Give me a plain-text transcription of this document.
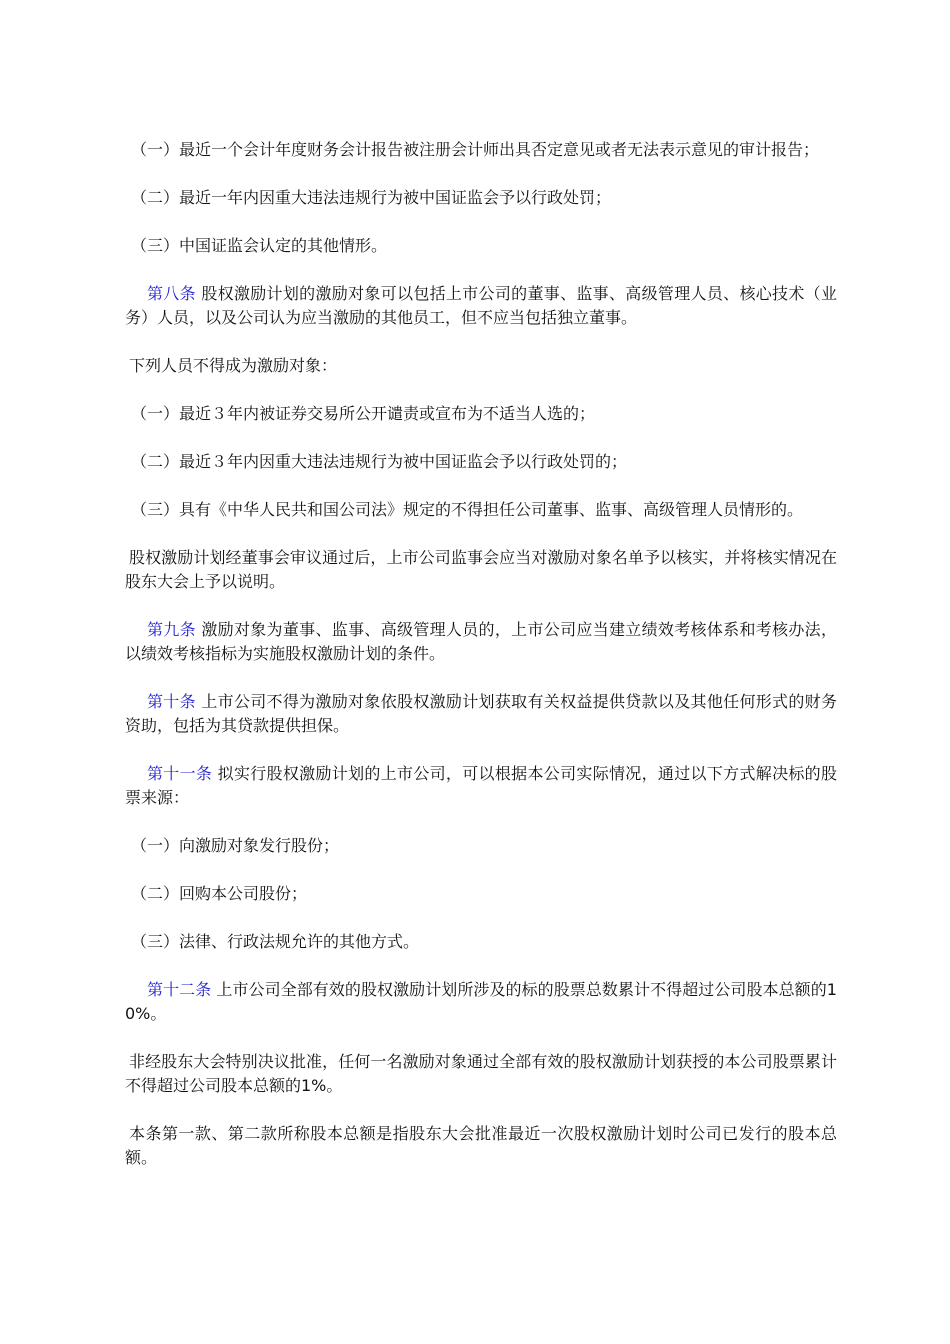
（一）最近一个会计年度财务会计报告被注册会计师出具否定意见或者无法表示意见的审计报告；

（二）最近一年内因重大违法违规行为被中国证监会予以行政处罚；

（三）中国证监会认定的其他情形。

第八条 股权激励计划的激励对象可以包括上市公司的董事、监事、高级管理人员、核心技术（业务）人员，以及公司认为应当激励的其他员工，但不应当包括独立董事。

下列人员不得成为激励对象：

（一）最近３年内被证券交易所公开谴责或宣布为不适当人选的；

（二）最近３年内因重大违法违规行为被中国证监会予以行政处罚的；

（三）具有《中华人民共和国公司法》规定的不得担任公司董事、监事、高级管理人员情形的。

股权激励计划经董事会审议通过后，上市公司监事会应当对激励对象名单予以核实，并将核实情况在股东大会上予以说明。

第九条 激励对象为董事、监事、高级管理人员的，上市公司应当建立绩效考核体系和考核办法，以绩效考核指标为实施股权激励计划的条件。

第十条 上市公司不得为激励对象依股权激励计划获取有关权益提供贷款以及其他任何形式的财务资助，包括为其贷款提供担保。

第十一条 拟实行股权激励计划的上市公司，可以根据本公司实际情况，通过以下方式解决标的股票来源：

（一）向激励对象发行股份；

（二）回购本公司股份；

（三）法律、行政法规允许的其他方式。

第十二条 上市公司全部有效的股权激励计划所涉及的标的股票总数累计不得超过公司股本总额的10%。

非经股东大会特别决议批准，任何一名激励对象通过全部有效的股权激励计划获授的本公司股票累计不得超过公司股本总额的1%。

本条第一款、第二款所称股本总额是指股东大会批准最近一次股权激励计划时公司已发行的股本总额。
